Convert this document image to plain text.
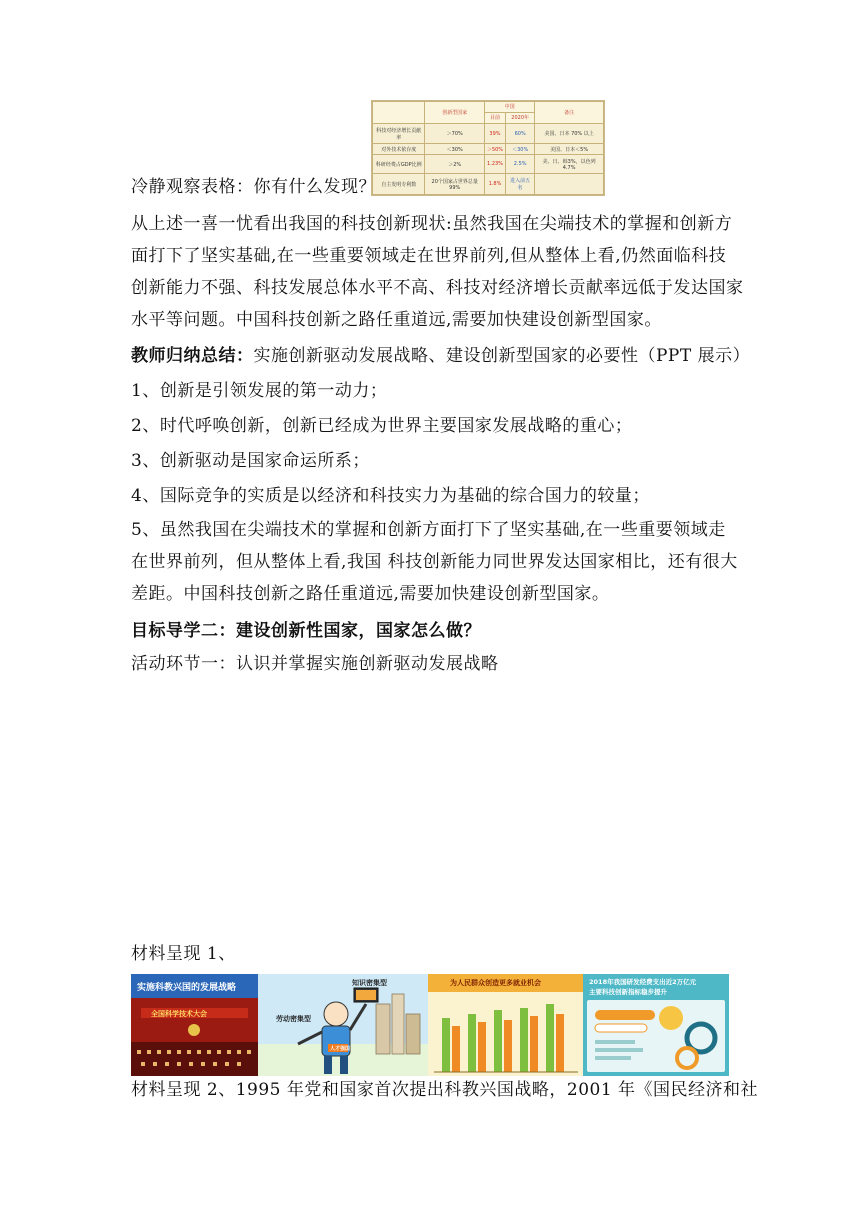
	创新型国家	中国		备注
		目前	2020年	
科技对经济增长贡献率	＞70%	39%	60%	美国、日本 70% 以上
对外技术依存度	＜30%	＞50%	＜30%	美国、日本＜5%
科研经费占GDP比例	＞2%	1.23%	2.5%	美、日、韩3%，以色列 4.7%
自主发明专利数	20个国家占世界总量99%	1.8%	进入前五名	
冷静观察表格：你有什么发现？
从上述一喜一忧看出我国的科技创新现状:虽然我国在尖端技术的掌握和创新方
面打下了坚实基础,在一些重要领域走在世界前列,但从整体上看,仍然面临科技
创新能力不强、科技发展总体水平不高、科技对经济增长贡献率远低于发达国家
水平等问题。中国科技创新之路任重道远,需要加快建设创新型国家。
教师归纳总结：实施创新驱动发展战略、建设创新型国家的必要性（PPT 展示）
1、创新是引领发展的第一动力；
2、时代呼唤创新，创新已经成为世界主要国家发展战略的重心；
3、创新驱动是国家命运所系；
4、国际竞争的实质是以经济和科技实力为基础的综合国力的较量；
5、虽然我国在尖端技术的掌握和创新方面打下了坚实基础,在一些重要领域走
在世界前列，但从整体上看,我国 科技创新能力同世界发达国家相比，还有很大
差距。中国科技创新之路任重道远,需要加快建设创新型国家。
目标导学二：建设创新性国家，国家怎么做？
活动环节一：认识并掌握实施创新驱动发展战略
材料呈现 1、
实施科教兴国的发展战略
全国科学技术大会
知识密集型
劳动密集型
人才强国
为人民群众创造更多就业机会	2018年我国研发经费支出近2万亿元
主要科技创新指标稳步提升
材料呈现 2、1995 年党和国家首次提出科教兴国战略，2001 年《国民经济和社
